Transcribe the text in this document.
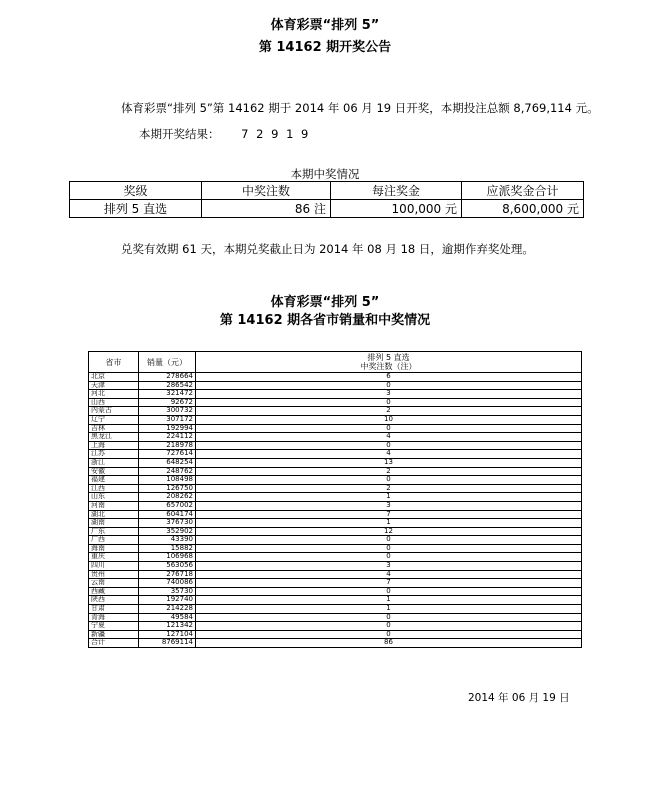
体育彩票“排列 5”
第 14162 期开奖公告
体育彩票“排列 5”第 14162 期于 2014 年 06 月 19 日开奖，本期投注总额 8,769,114 元。
本期开奖结果： 7 2 9 1 9
本期中奖情况
奖级	中奖注数	每注奖金	应派奖金合计
排列 5 直选	86 注	100,000 元	8,600,000 元
兑奖有效期 61 天，本期兑奖截止日为 2014 年 08 月 18 日，逾期作弃奖处理。
体育彩票“排列 5”
第 14162 期各省市销量和中奖情况
省市	销量（元）	排列 5 直选
中奖注数（注）

北京	278664	6
天津	286542	0
河北	321472	3
山西	92672	0
内蒙古	300732	2
辽宁	307172	10
吉林	192994	0
黑龙江	224112	4
上海	218978	0
江苏	727614	4
浙江	648254	13
安徽	248762	2
福建	108498	0
江西	126750	2
山东	208262	1
河南	657002	3
湖北	604174	7
湖南	376730	1
广东	352902	12
广西	43390	0
海南	15882	0
重庆	106968	0
四川	563056	3
贵州	276718	4
云南	740086	7
西藏	35730	0
陕西	192740	1
甘肃	214228	1
青海	49584	0
宁夏	121342	0
新疆	127104	0
合计	8769114	86
2014 年 06 月 19 日
